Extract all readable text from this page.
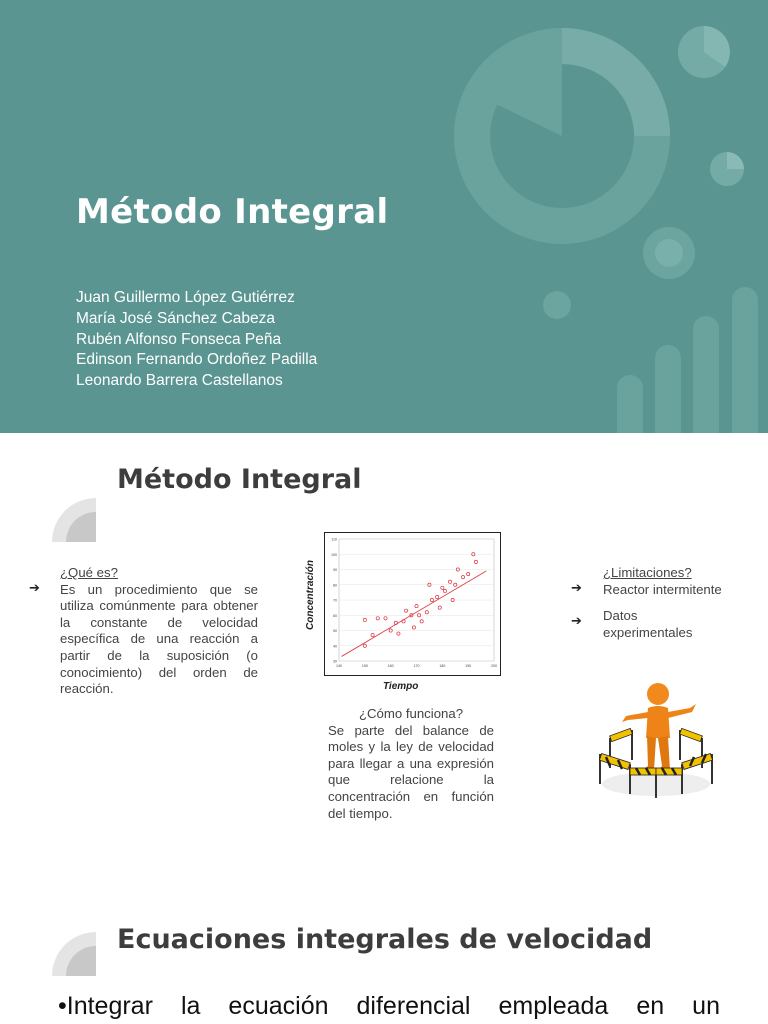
Método Integral
Juan Guillermo López Gutiérrez
María José Sánchez Cabeza
Rubén Alfonso Fonseca Peña
Edinson Fernando Ordoñez Padilla
Leonardo Barrera Castellanos
Método Integral
➔
¿Qué es?
Es un procedimiento que se utiliza comúnmente para obtener la constante de velocidad específica de una reacción a partir de la suposición (o conocimiento) del orden de reacción.
30
40
50
60
70
80
90
100
110
140	150	160	170	180	190	200
Concentración
Tiempo
¿Cómo funciona?
Se parte del balance de moles y la ley de velocidad para llegar a una expresión que relacione la concentración en función del tiempo.
➔
➔
¿Limitaciones?
Reactor intermitente
Datos experimentales
Ecuaciones integrales de velocidad
•Integrar la ecuación diferencial empleada en un
